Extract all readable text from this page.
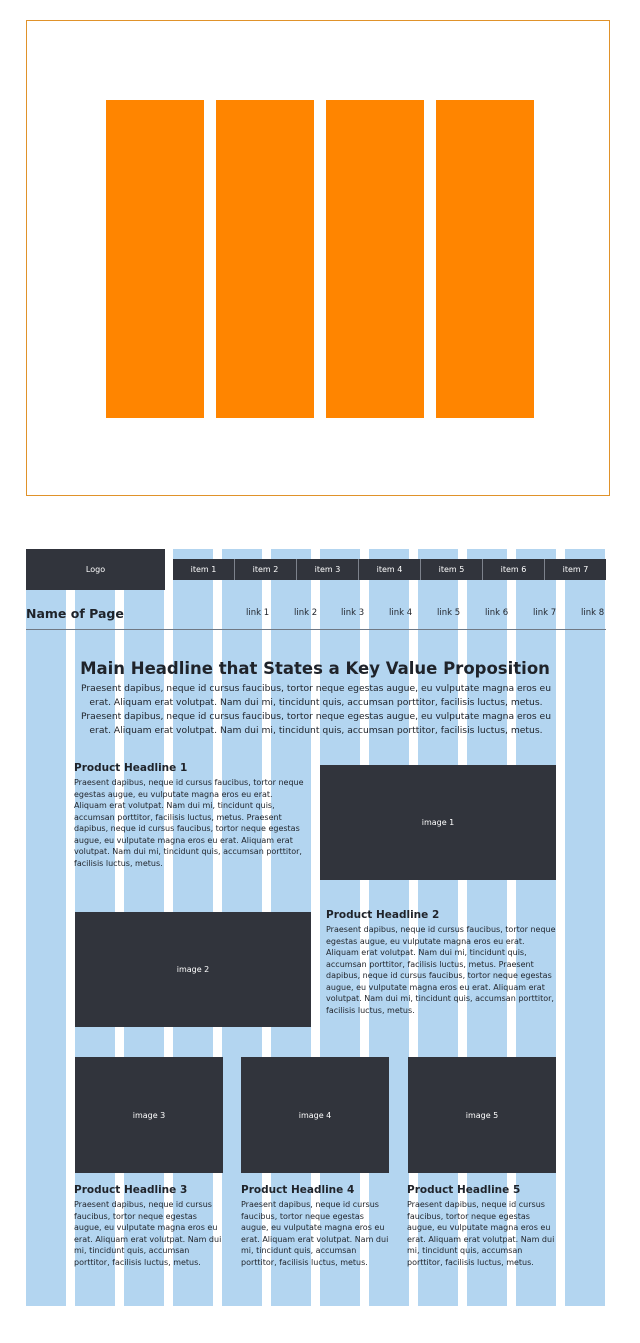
Logo	item 1	item 2	item 3	item 4	item 5	item 6	item 7
Name of Page	link 1	link 2	link 3	link 4	link 5	link 6	link 7	link 8
Main Headline that States a Key Value Proposition

Praesent dapibus, neque id cursus faucibus, tortor neque egestas augue, eu vulputate magna eros eu erat. Aliquam erat volutpat. Nam dui mi, tincidunt quis, accumsan porttitor, facilisis luctus, metus. Praesent dapibus, neque id cursus faucibus, tortor neque egestas augue, eu vulputate magna eros eu erat. Aliquam erat volutpat. Nam dui mi, tincidunt quis, accumsan porttitor, facilisis luctus, metus.

Product Headline 1

Praesent dapibus, neque id cursus faucibus, tortor neque egestas augue, eu vulputate magna eros eu erat. Aliquam erat volutpat. Nam dui mi, tincidunt quis, accumsan porttitor, facilisis luctus, metus. Praesent dapibus, neque id cursus faucibus, tortor neque egestas augue, eu vulputate magna eros eu erat. Aliquam erat volutpat. Nam dui mi, tincidunt quis, accumsan porttitor, facilisis luctus, metus.

image 1
image 2
Product Headline 2

Praesent dapibus, neque id cursus faucibus, tortor neque egestas augue, eu vulputate magna eros eu erat. Aliquam erat volutpat. Nam dui mi, tincidunt quis, accumsan porttitor, facilisis luctus, metus. Praesent dapibus, neque id cursus faucibus, tortor neque egestas augue, eu vulputate magna eros eu erat. Aliquam erat volutpat. Nam dui mi, tincidunt quis, accumsan porttitor, facilisis luctus, metus.

image 3	image 4	image 5
Product Headline 3	Product Headline 4	Product Headline 5

Praesent dapibus, neque id cursus faucibus, tortor neque egestas augue, eu vulputate magna eros eu erat. Aliquam erat volutpat. Nam dui mi, tincidunt quis, accumsan porttitor, facilisis luctus, metus.

Praesent dapibus, neque id cursus faucibus, tortor neque egestas augue, eu vulputate magna eros eu erat. Aliquam erat volutpat. Nam dui mi, tincidunt quis, accumsan porttitor, facilisis luctus, metus.

Praesent dapibus, neque id cursus faucibus, tortor neque egestas augue, eu vulputate magna eros eu erat. Aliquam erat volutpat. Nam dui mi, tincidunt quis, accumsan porttitor, facilisis luctus, metus.
